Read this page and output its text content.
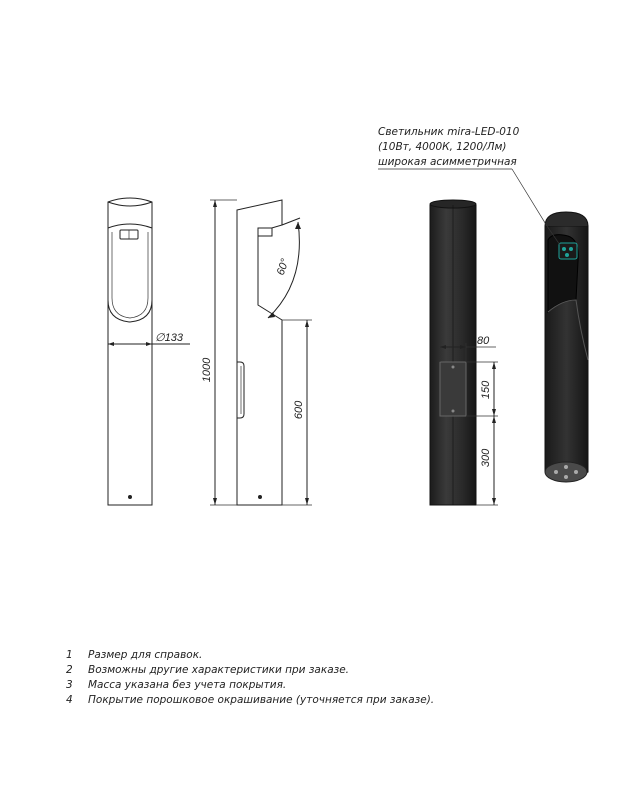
∅133
1000
600
60°
80
150
300
Светильник mira-LED-010
(10Вт, 4000К, 1200/Лм)
широкая асимметричная
1	Размер для справок.
2	Возможны другие характеристики при заказе.
3	Масса указана без учета покрытия.
4	Покрытие порошковое окрашивание (уточняется при заказе).
